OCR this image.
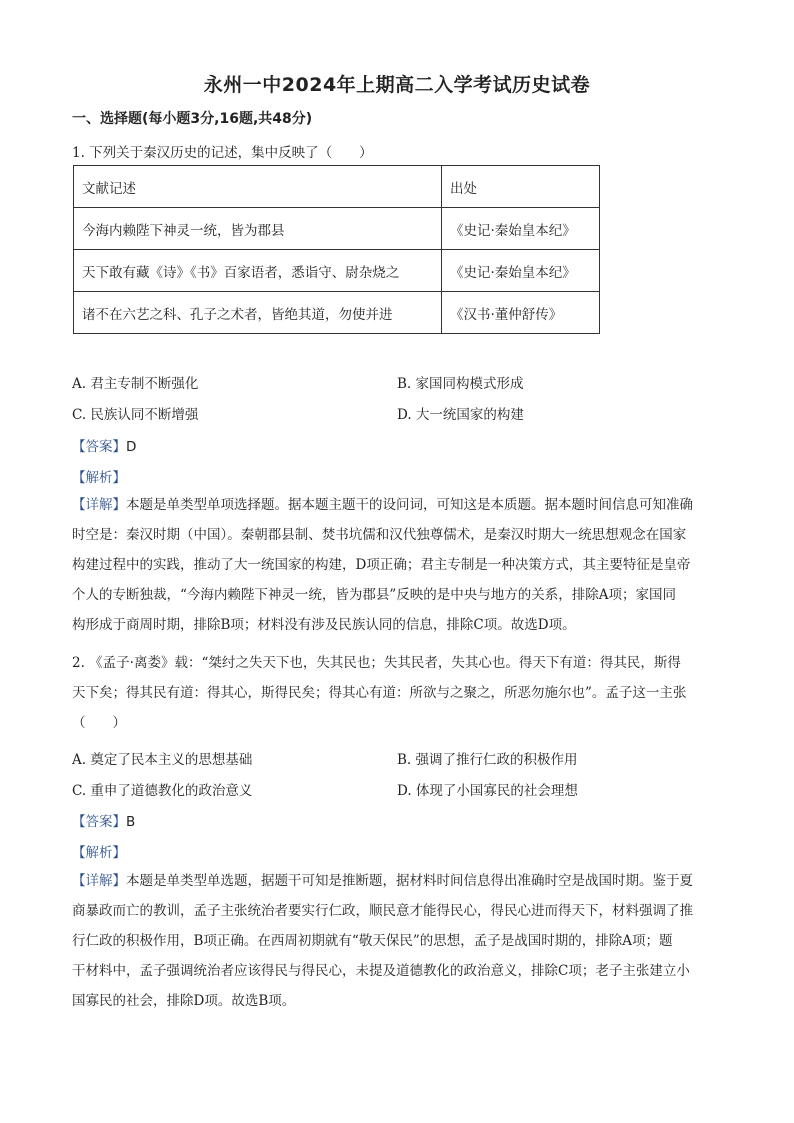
永州一中2024年上期高二入学考试历史试卷
一、选择题(每小题3分,16题,共48分)
1. 下列关于秦汉历史的记述，集中反映了（　　）
文献记述	出处
今海内赖陛下神灵一统，皆为郡县	《史记·秦始皇本纪》
天下敢有藏《诗》《书》百家语者，悉诣守、尉杂烧之	《史记·秦始皇本纪》
诸不在六艺之科、孔子之术者，皆绝其道，勿使并进	《汉书·董仲舒传》
A. 君主专制不断强化	B. 家国同构模式形成
C. 民族认同不断增强	D. 大一统国家的构建
【答案】D
【解析】
【详解】本题是单类型单项选择题。据本题主题干的设问词，可知这是本质题。据本题时间信息可知准确
时空是：秦汉时期（中国）。秦朝郡县制、焚书坑儒和汉代独尊儒术，是秦汉时期大一统思想观念在国家
构建过程中的实践，推动了大一统国家的构建，D项正确；君主专制是一种决策方式，其主要特征是皇帝
个人的专断独裁，“今海内赖陛下神灵一统，皆为郡县”反映的是中央与地方的关系，排除A项；家国同
构形成于商周时期，排除B项；材料没有涉及民族认同的信息，排除C项。故选D项。
2. 《孟子·离娄》载：“桀纣之失天下也，失其民也；失其民者，失其心也。得天下有道：得其民，斯得
天下矣；得其民有道：得其心，斯得民矣；得其心有道：所欲与之聚之，所恶勿施尔也”。孟子这一主张
（　　）
A. 奠定了民本主义的思想基础	B. 强调了推行仁政的积极作用
C. 重申了道德教化的政治意义	D. 体现了小国寡民的社会理想
【答案】B
【解析】
【详解】本题是单类型单选题，据题干可知是推断题，据材料时间信息得出准确时空是战国时期。鉴于夏
商暴政而亡的教训，孟子主张统治者要实行仁政，顺民意才能得民心，得民心进而得天下，材料强调了推
行仁政的积极作用，B项正确。在西周初期就有“敬天保民”的思想，孟子是战国时期的，排除A项；题
干材料中，孟子强调统治者应该得民与得民心，未提及道德教化的政治意义，排除C项；老子主张建立小
国寡民的社会，排除D项。故选B项。
